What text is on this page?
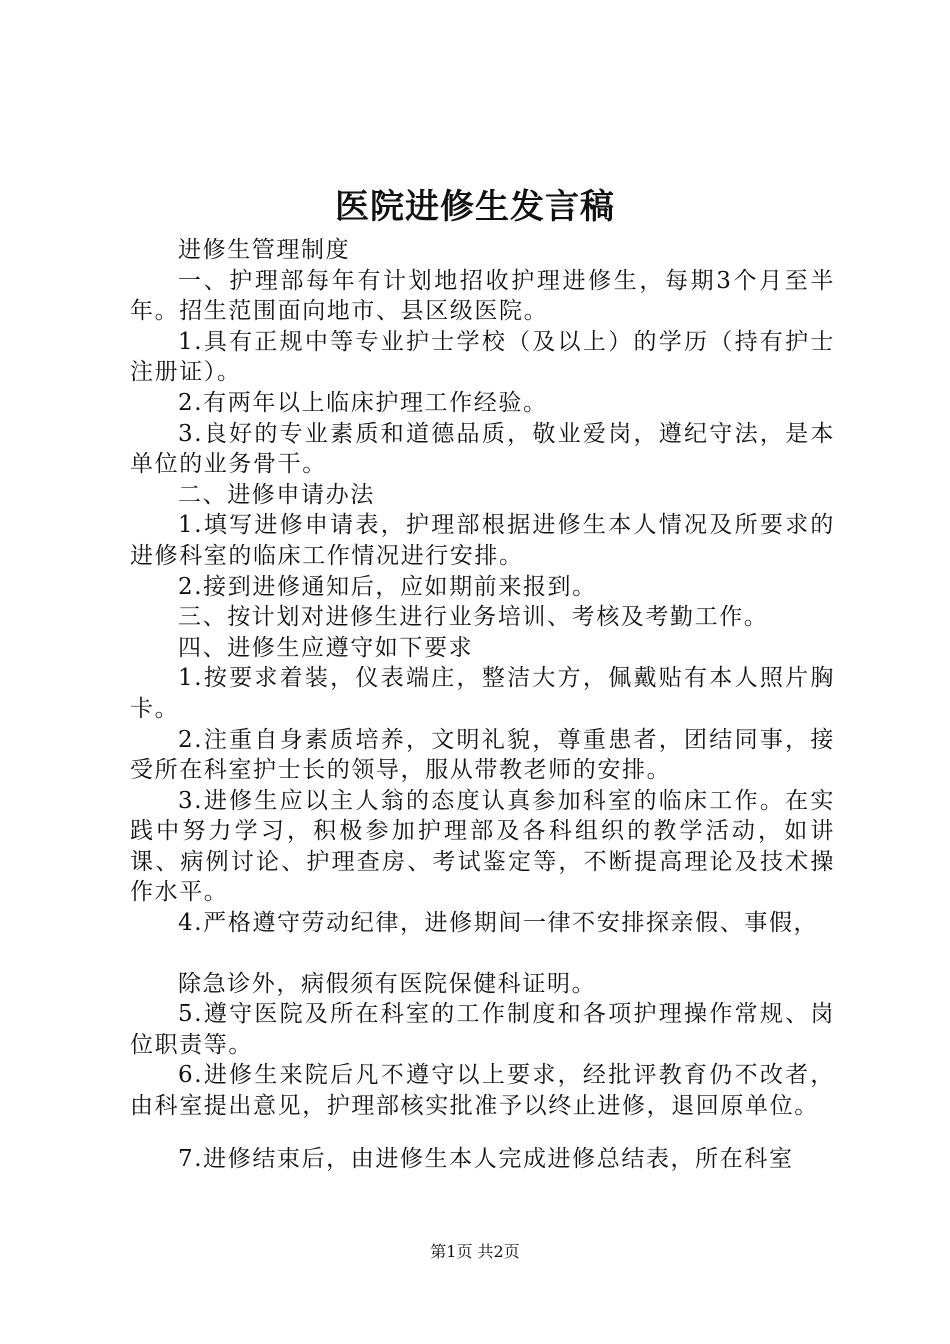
医院进修生发言稿

进修生管理制度

一、护理部每年有计划地招收护理进修生，每期3个月至半年。招生范围面向地市、县区级医院。

1.具有正规中等专业护士学校（及以上）的学历（持有护士注册证）。

2.有两年以上临床护理工作经验。

3.良好的专业素质和道德品质，敬业爱岗，遵纪守法，是本单位的业务骨干。

二、进修申请办法

1.填写进修申请表，护理部根据进修生本人情况及所要求的进修科室的临床工作情况进行安排。

2.接到进修通知后，应如期前来报到。

三、按计划对进修生进行业务培训、考核及考勤工作。

四、进修生应遵守如下要求

1.按要求着装，仪表端庄，整洁大方，佩戴贴有本人照片胸卡。

2.注重自身素质培养，文明礼貌，尊重患者，团结同事，接受所在科室护士长的领导，服从带教老师的安排。

3.进修生应以主人翁的态度认真参加科室的临床工作。在实践中努力学习，积极参加护理部及各科组织的教学活动，如讲课、病例讨论、护理查房、考试鉴定等，不断提高理论及技术操作水平。

4.严格遵守劳动纪律，进修期间一律不安排探亲假、事假，

除急诊外，病假须有医院保健科证明。

5.遵守医院及所在科室的工作制度和各项护理操作常规、岗位职责等。

6.进修生来院后凡不遵守以上要求，经批评教育仍不改者，由科室提出意见，护理部核实批准予以终止进修，退回原单位。

7.进修结束后，由进修生本人完成进修总结表，所在科室

第1页 共2页
